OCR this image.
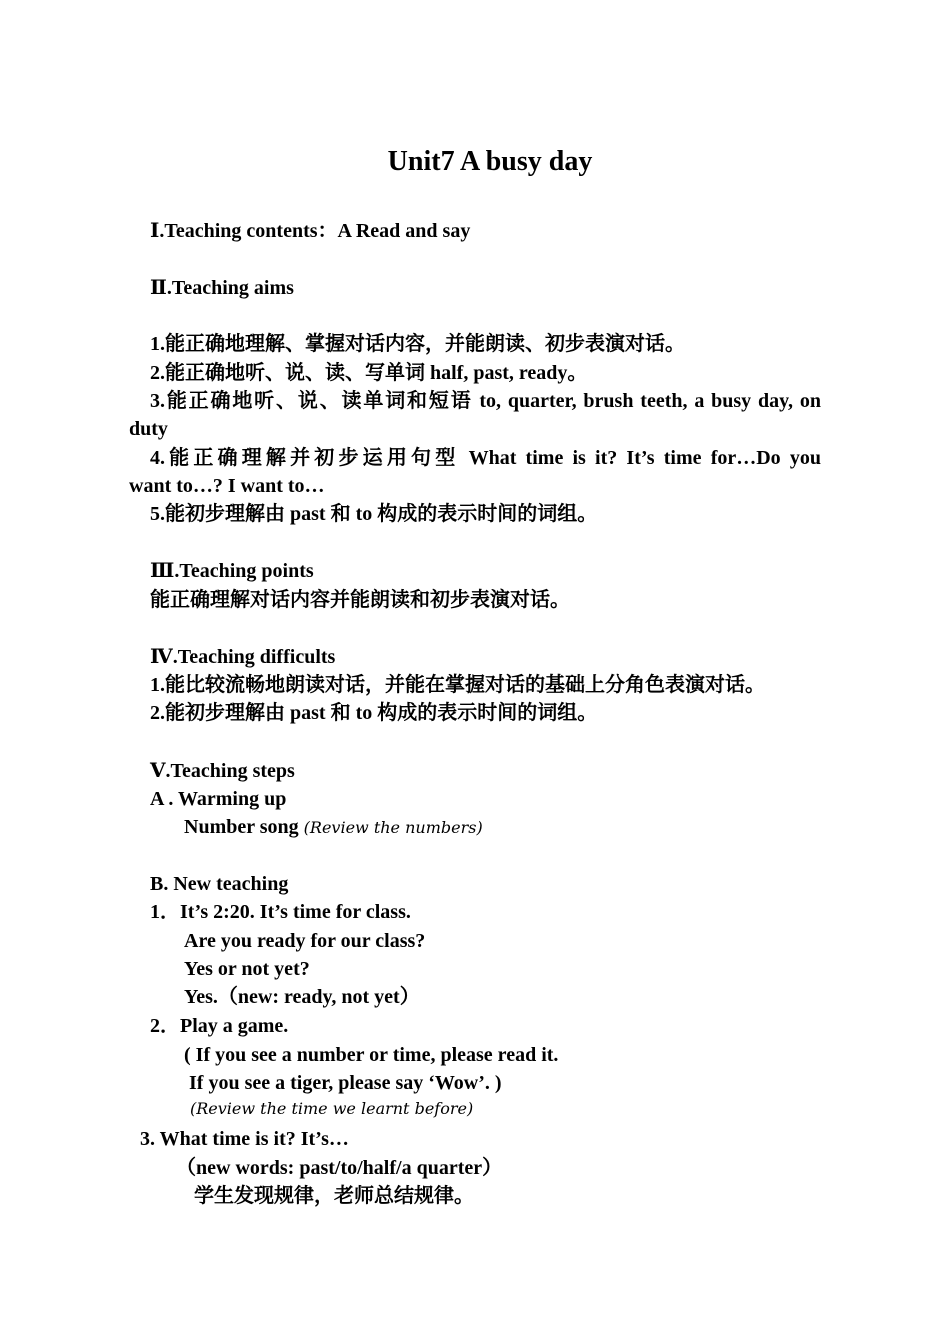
Unit7 A busy day
Ⅰ.Teaching contents：A Read and say
Ⅱ.Teaching aims
1.能正确地理解、掌握对话内容，并能朗读、初步表演对话。
2.能正确地听、说、读、写单词 half, past, ready。
3.能正确地听、说、读单词和短语 to, quarter, brush teeth, a busy day, on
duty
4.能正确理解并初步运用句型 What time is it? It’s time for…Do you
want to…? I want to…
5.能初步理解由 past 和 to 构成的表示时间的词组。
Ⅲ.Teaching points
能正确理解对话内容并能朗读和初步表演对话。
Ⅳ.Teaching difficults
1.能比较流畅地朗读对话，并能在掌握对话的基础上分角色表演对话。
2.能初步理解由 past 和 to 构成的表示时间的词组。
Ⅴ.Teaching steps
A . Warming up
Number song (Review the numbers)
B. New teaching
1．It’s 2:20. It’s time for class.
Are you ready for our class?
Yes or not yet?
Yes.（new: ready, not yet）
2．Play a game.
( If you see a number or time, please read it.
If you see a tiger, please say ‘Wow’. )
(Review the time we learnt before)
3. What time is it? It’s…
（new words: past/to/half/a quarter）
学生发现规律，老师总结规律。
